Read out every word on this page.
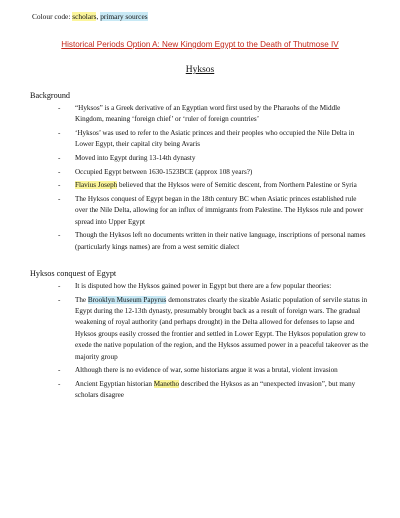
Colour code: scholars, primary sources
Historical Periods Option A: New Kingdom Egypt to the Death of Thutmose IV
Hyksos
Background
- “Hyksos” is a Greek derivative of an Egyptian word first used by the Pharaohs of the Middle Kingdom, meaning ‘foreign chief’ or ‘ruler of foreign countries’
- ‘Hyksos’ was used to refer to the Asiatic princes and their peoples who occupied the Nile Delta in Lower Egypt, their capital city being Avaris
- Moved into Egypt during 13-14th dynasty
- Occupied Egypt between 1630-1523BCE (approx 108 years?)
- Flavius Joseph believed that the Hyksos were of Semitic descent, from Northern Palestine or Syria
- The Hyksos conquest of Egypt began in the 18th century BC when Asiatic princes established rule over the Nile Delta, allowing for an influx of immigrants from Palestine. The Hyksos rule and power spread into Upper Egypt
- Though the Hyksos left no documents written in their native language, inscriptions of personal names (particularly kings names) are from a west semitic dialect
Hyksos conquest of Egypt
- It is disputed how the Hyksos gained power in Egypt but there are a few popular theories:
- The Brooklyn Museum Papyrus demonstrates clearly the sizable Asiatic population of servile status in Egypt during the 12-13th dynasty, presumably brought back as a result of foreign wars. The gradual weakening of royal authority (and perhaps drought) in the Delta allowed for defenses to lapse and Hyksos groups easily crossed the frontier and settled in Lower Egypt. The Hyksos population grew to exede the native population of the region, and the Hyksos assumed power in a peaceful takeover as the majority group
- Although there is no evidence of war, some historians argue it was a brutal, violent invasion
- Ancient Egyptian historian Manetho described the Hyksos as an “unexpected invasion”, but many scholars disagree
